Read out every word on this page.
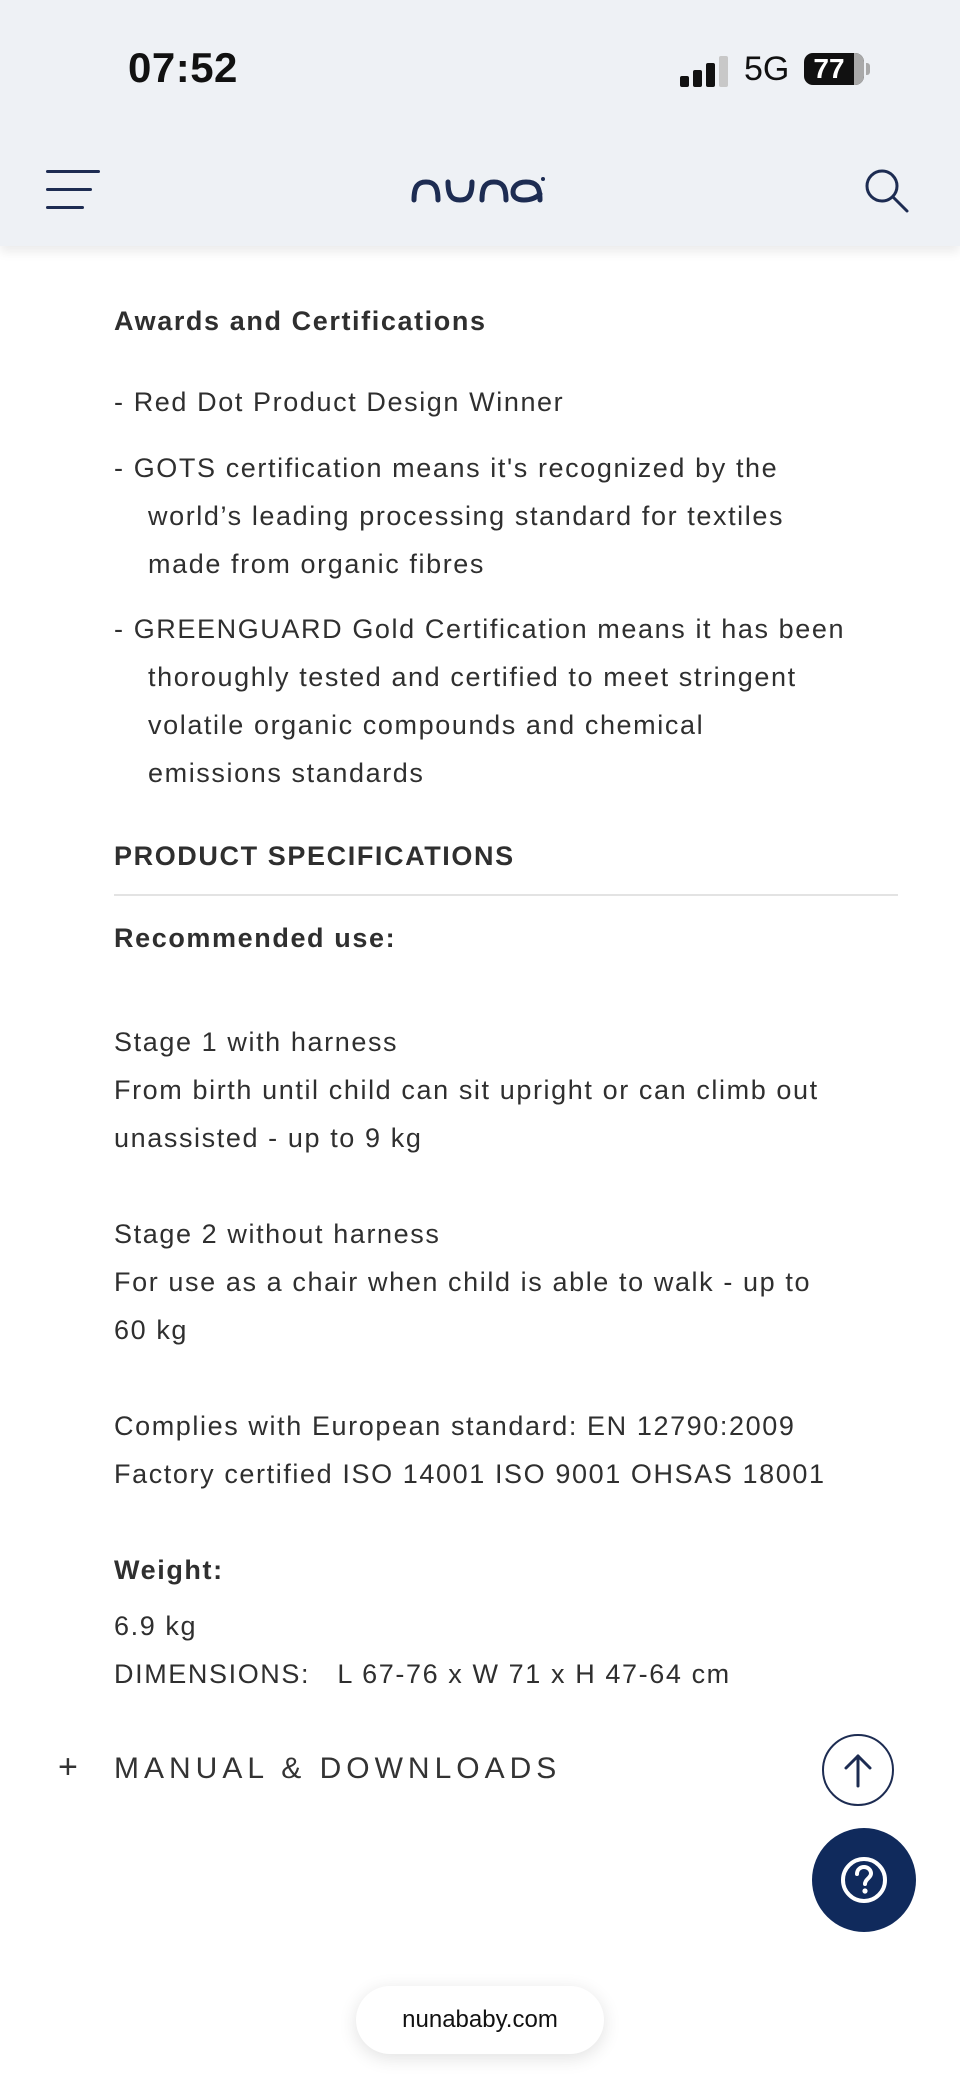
07:52	5G 77
Awards and Certifications
- Red Dot Product Design Winner
- GOTS certification means it's recognized by the
world’s leading processing standard for textiles
made from organic fibres
- GREENGUARD Gold Certification means it has been
thoroughly tested and certified to meet stringent
volatile organic compounds and chemical
emissions standards
PRODUCT SPECIFICATIONS
Recommended use:
Stage 1 with harness
From birth until child can sit upright or can climb out
unassisted - up to 9 kg
Stage 2 without harness
For use as a chair when child is able to walk - up to
60 kg
Complies with European standard: EN 12790:2009
Factory certified ISO 14001 ISO 9001 OHSAS 18001
Weight:
6.9 kg
DIMENSIONS:   L 67-76 x W 71 x H 47-64 cm
+ MANUAL & DOWNLOADS
nunababy.com
